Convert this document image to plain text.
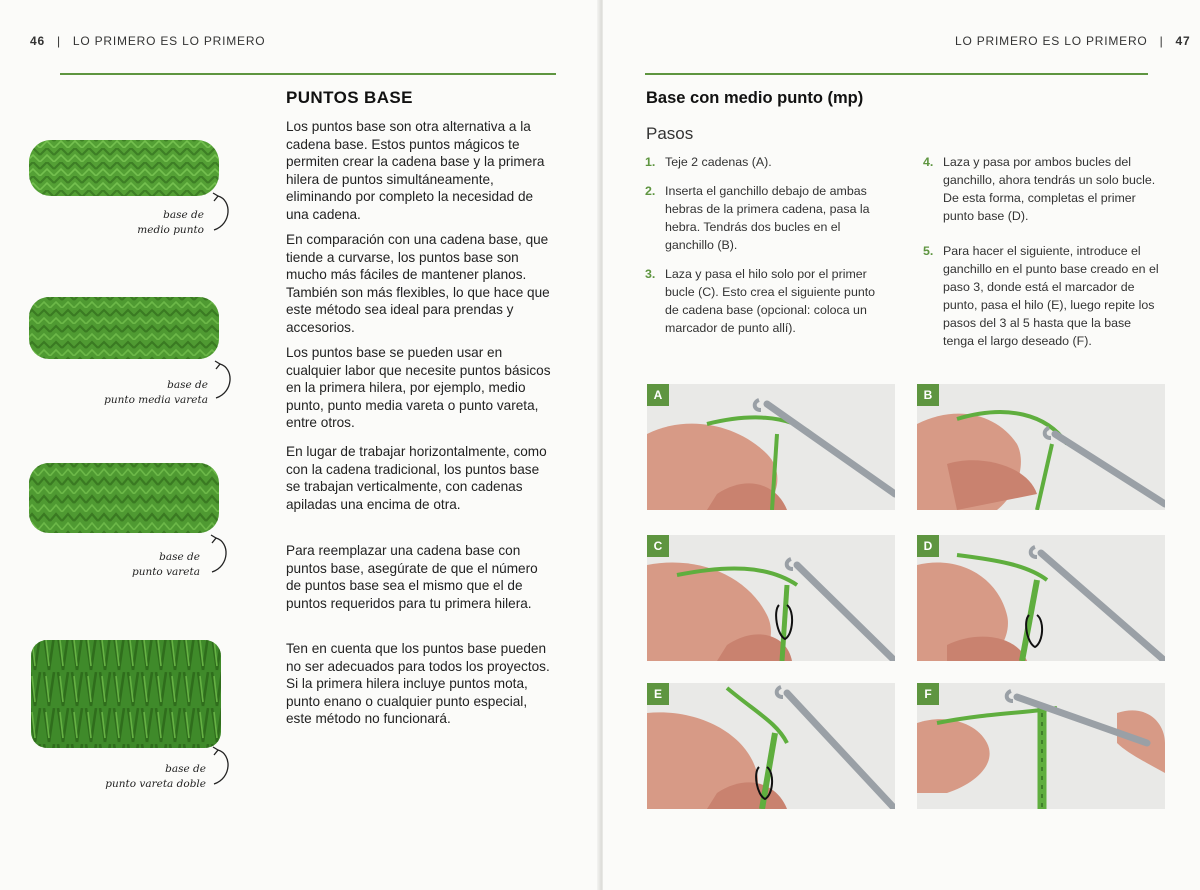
46 | LO PRIMERO ES LO PRIMERO
base de
medio punto
base de
punto media vareta
base de
punto vareta
base de
punto vareta doble
PUNTOS BASE

Los puntos base son otra alternativa a la cadena base. Estos puntos mágicos te permiten crear la cadena base y la primera hilera de puntos simultáneamente, eliminando por completo la necesidad de una cadena.

En comparación con una cadena base, que tiende a curvarse, los puntos base son mucho más fáciles de mantener planos. También son más flexibles, lo que hace que este método sea ideal para prendas y accesorios.

Los puntos base se pueden usar en cualquier labor que necesite puntos básicos en la primera hilera, por ejemplo, medio punto, punto media vareta o punto vareta, entre otros.

En lugar de trabajar horizontalmente, como con la cadena tradicional, los puntos base se trabajan verticalmente, con cadenas apiladas una encima de otra.

Para reemplazar una cadena base con puntos base, asegúrate de que el número de puntos base sea el mismo que el de puntos requeridos para tu primera hilera.

Ten en cuenta que los puntos base pueden no ser adecuados para todos los proyectos. Si la primera hilera incluye puntos mota, punto enano o cualquier punto especial, este método no funcionará.

LO PRIMERO ES LO PRIMERO | 47
Base con medio punto (mp)
Pasos
1. Teje 2 cadenas (A).
2. Inserta el ganchillo debajo de ambas hebras de la primera cadena, pasa la hebra. Tendrás dos bucles en el ganchillo (B).
3. Laza y pasa el hilo solo por el primer bucle (C). Esto crea el siguiente punto de cadena base (opcional: coloca un marcador de punto allí).
4. Laza y pasa por ambos bucles del ganchillo, ahora tendrás un solo bucle. De esta forma, completas el primer punto base (D).
5. Para hacer el siguiente, introduce el ganchillo en el punto base creado en el paso 3, donde está el marcador de punto, pasa el hilo (E), luego repite los pasos del 3 al 5 hasta que la base tenga el largo deseado (F).
A	B
C	D
E	F
